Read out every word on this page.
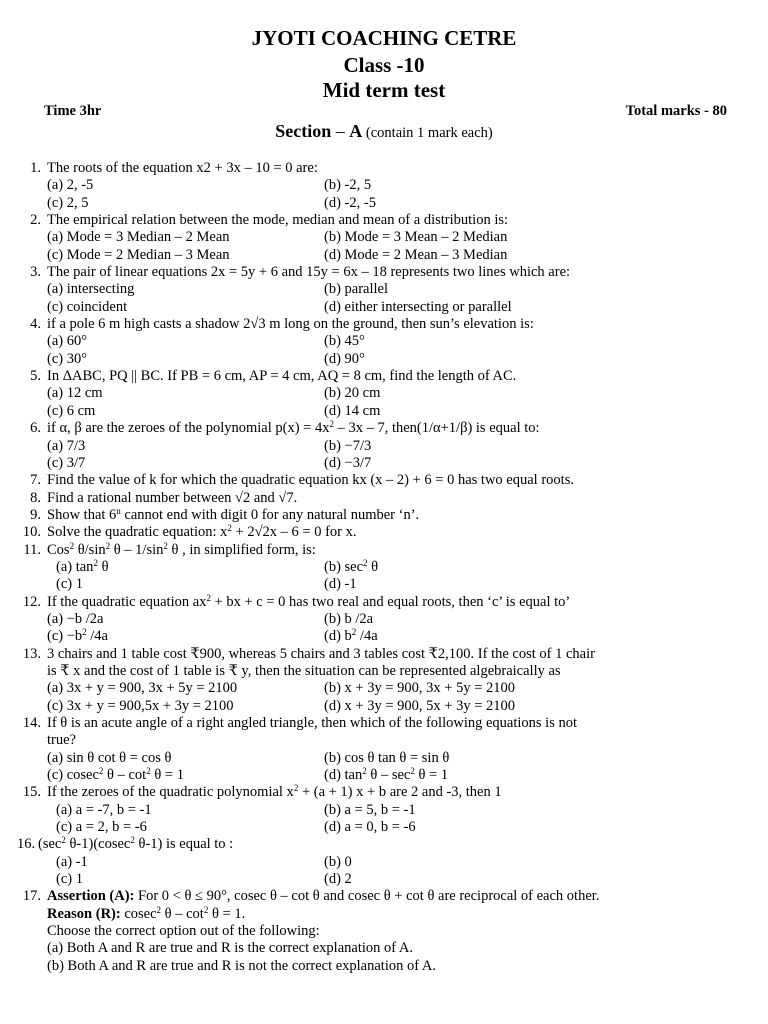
JYOTI COACHING CETRE
Class -10
Mid term test
Time 3hr	Total marks - 80
Section – A (contain 1 mark each)
1. The roots of the equation x2 + 3x – 10 = 0 are:
(a) 2, -5	(b) -2, 5
(c) 2, 5	(d) -2, -5
2. The empirical relation between the mode, median and mean of a distribution is:
(a) Mode = 3 Median – 2 Mean	(b) Mode = 3 Mean – 2 Median
(c) Mode = 2 Median – 3 Mean	(d) Mode = 2 Mean – 3 Median
3. The pair of linear equations 2x = 5y + 6 and 15y = 6x – 18 represents two lines which are:
(a) intersecting	(b) parallel
(c) coincident	(d) either intersecting or parallel
4. if a pole 6 m high casts a shadow 2√3 m long on the ground, then sun’s elevation is:
(a) 60°	(b) 45°
(c) 30°	(d) 90°
5. In ΔABC, PQ || BC. If PB = 6 cm, AP = 4 cm, AQ = 8 cm, find the length of AC.
(a) 12 cm	(b) 20 cm
(c) 6 cm	(d) 14 cm
6. if α, β are the zeroes of the polynomial $p(x) = 4x^2 - 3x - 7$, then(1/α+1/β) is equal to:
(a) 7/3	(b) −7/3
(c) 3/7	(d) −3/7
7. Find the value of k for which the quadratic equation kx (x – 2) + 6 = 0 has two equal roots.
8. Find a rational number between √2 and √7.
9. Show that 6$^n$ cannot end with digit 0 for any natural number ‘n’.
10. Solve the quadratic equation: $x^2 + 2√2x - 6 = 0$ for x.
11. Cos$^2$ $\theta/\sin^2$ θ – $1/\sin^2$ θ , in simplified form, is:
(a) $\tan^2 \theta$	(b) $\sec^2 \theta$
(c) 1	(d) -1
12. If the quadratic equation $ax^2$ + bx + c = 0 has two real and equal roots, then ‘c’ is equal to’
(a) −b /2a	(b) b /2a
$(c) -b^2$ /4a	(d) $b^2$ /4a
13. 3 chairs and 1 table cost ₹900, whereas 5 chairs and 3 tables cost ₹2,100. If the cost of 1 chair
is ₹ x and the cost of 1 table is ₹ y, then the situation can be represented algebraically as
(a) 3x + y = 900, 3x + 5y = 2100	(b) x + 3y = 900, 3x + 5y = 2100
(c) 3x + y = 900,5x + 3y = 2100	(d) x + 3y = 900, 5x + 3y = 2100
14. If θ is an acute angle of a right angled triangle, then which of the following equations is not
true?
(a) sin θ cot θ = cos θ	(b) cos θ tan θ = sin θ
(c) cosec$^2$ $\theta - \cot^2 \theta = 1$	(d) $\tan^2 \theta - \sec^2 \theta = 1$
15. If the zeroes of the quadratic polynomial $x^2 + (a + 1) x + b$ are 2 and -3, then 1
(a) a = -7, b = -1	(b) a = 5, b = -1
(c) a = 2, b = -6	(d) a = 0, b = -6
16. ($\sec^2$ θ-1)(cosec$^2$ θ-1) is equal to :
(a) -1	(b) 0
(c) 1	(d) 2
17. Assertion (A): For 0 < θ ≤ 90°, cosec θ – cot θ and cosec θ + cot θ are reciprocal of each other.
Reason (R): cosec$^2$ $\theta - \cot^2 \theta = 1$.
Choose the correct option out of the following:
(a) Both A and R are true and R is the correct explanation of A.
(b) Both A and R are true and R is not the correct explanation of A.
